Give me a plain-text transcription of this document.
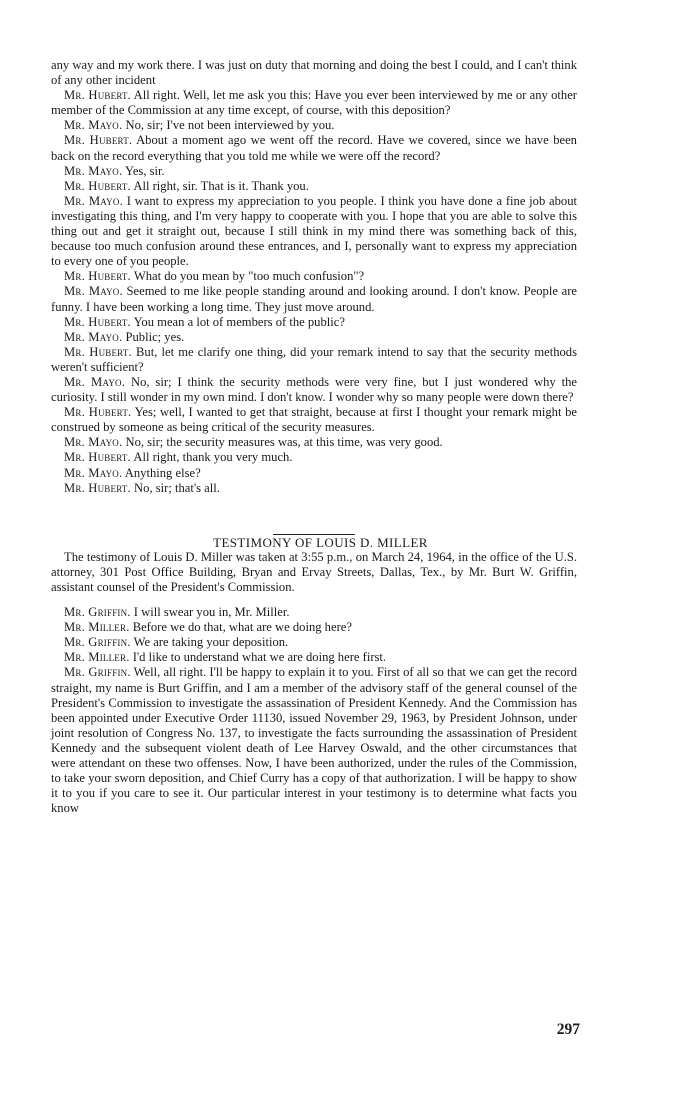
any way and my work there. I was just on duty that morning and doing the best I could, and I can't think of any other incident

Mr. Hubert. All right. Well, let me ask you this: Have you ever been interviewed by me or any other member of the Commission at any time except, of course, with this deposition?

Mr. Mayo. No, sir; I've not been interviewed by you.

Mr. Hubert. About a moment ago we went off the record. Have we covered, since we have been back on the record everything that you told me while we were off the record?

Mr. Mayo. Yes, sir.

Mr. Hubert. All right, sir. That is it. Thank you.

Mr. Mayo. I want to express my appreciation to you people. I think you have done a fine job about investigating this thing, and I'm very happy to cooperate with you. I hope that you are able to solve this thing out and get it straight out, because I still think in my mind there was something back of this, because too much confusion around these entrances, and I, personally want to express my appreciation to every one of you people.

Mr. Hubert. What do you mean by "too much confusion"?

Mr. Mayo. Seemed to me like people standing around and looking around. I don't know. People are funny. I have been working a long time. They just move around.

Mr. Hubert. You mean a lot of members of the public?

Mr. Mayo. Public; yes.

Mr. Hubert. But, let me clarify one thing, did your remark intend to say that the security methods weren't sufficient?

Mr. Mayo. No, sir; I think the security methods were very fine, but I just wondered why the curiosity. I still wonder in my own mind. I don't know. I wonder why so many people were down there?

Mr. Hubert. Yes; well, I wanted to get that straight, because at first I thought your remark might be construed by someone as being critical of the security measures.

Mr. Mayo. No, sir; the security measures was, at this time, was very good.

Mr. Hubert. All right, thank you very much.

Mr. Mayo. Anything else?

Mr. Hubert. No, sir; that's all.

TESTIMONY OF LOUIS D. MILLER

The testimony of Louis D. Miller was taken at 3:55 p.m., on March 24, 1964, in the office of the U.S. attorney, 301 Post Office Building, Bryan and Ervay Streets, Dallas, Tex., by Mr. Burt W. Griffin, assistant counsel of the President's Commission.

Mr. Griffin. I will swear you in, Mr. Miller.

Mr. Miller. Before we do that, what are we doing here?

Mr. Griffin. We are taking your deposition.

Mr. Miller. I'd like to understand what we are doing here first.

Mr. Griffin. Well, all right. I'll be happy to explain it to you. First of all so that we can get the record straight, my name is Burt Griffin, and I am a member of the advisory staff of the general counsel of the President's Commission to investigate the assassination of President Kennedy. And the Commission has been appointed under Executive Order 11130, issued November 29, 1963, by President Johnson, under joint resolution of Congress No. 137, to investigate the facts surrounding the assassination of President Kennedy and the subsequent violent death of Lee Harvey Oswald, and the other circumstances that were attendant on these two offenses. Now, I have been authorized, under the rules of the Commission, to take your sworn deposition, and Chief Curry has a copy of that authorization. I will be happy to show it to you if you care to see it. Our particular interest in your testimony is to determine what facts you know

297
